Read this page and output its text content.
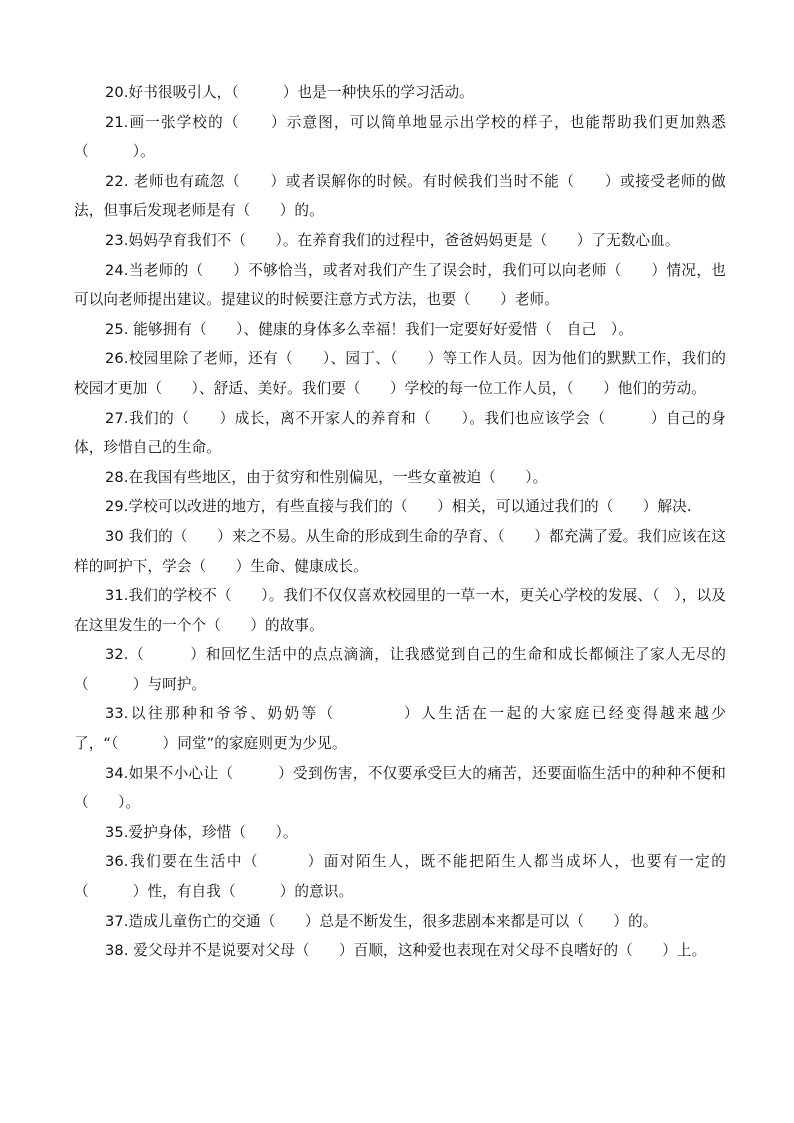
20.好书很吸引人，（　　　）也是一种快乐的学习活动。

21.画一张学校的（　　）示意图，可以简单地显示出学校的样子，也能帮助我们更加熟悉（　　　）。

22. 老师也有疏忽（　　）或者误解你的时候。有时候我们当时不能（　　）或接受老师的做法，但事后发现老师是有（　　）的。

23.妈妈孕育我们不（　　）。在养育我们的过程中，爸爸妈妈更是（　　）了无数心血。

24.当老师的（　　）不够恰当，或者对我们产生了误会时，我们可以向老师（　　）情况，也可以向老师提出建议。提建议的时候要注意方式方法，也要（　　）老师。

25. 能够拥有（　　）、健康的身体多么幸福！我们一定要好好爱惜（　自己　）。

26.校园里除了老师，还有（　　）、园丁、（　　）等工作人员。因为他们的默默工作，我们的校园才更加（　　）、舒适、美好。我们要（　　）学校的每一位工作人员，（　　）他们的劳动。

27.我们的（　　）成长，离不开家人的养育和（　　）。我们也应该学会（　　　）自己的身体，珍惜自己的生命。

28.在我国有些地区，由于贫穷和性别偏见，一些女童被迫（　　）。

29.学校可以改进的地方，有些直接与我们的（　　）相关，可以通过我们的（　　）解决.

30 我们的（　　）来之不易。从生命的形成到生命的孕育、（　　）都充满了爱。我们应该在这样的呵护下，学会（　　）生命、健康成长。

31.我们的学校不（　　）。我们不仅仅喜欢校园里的一草一木，更关心学校的发展、（　），以及在这里发生的一个个（　　）的故事。

32.（　　　）和回忆生活中的点点滴滴，让我感觉到自己的生命和成长都倾注了家人无尽的（　　　）与呵护。

33.以往那种和爷爷、奶奶等（　　　　）人生活在一起的大家庭已经变得越来越少了，“（　　　）同堂”的家庭则更为少见。

34.如果不小心让（　　　）受到伤害，不仅要承受巨大的痛苦，还要面临生活中的种种不便和（　　）。

35.爱护身体，珍惜（　　）。

36.我们要在生活中（　　　）面对陌生人，既不能把陌生人都当成坏人，也要有一定的（　　　）性，有自我（　　　）的意识。

37.造成儿童伤亡的交通（　　）总是不断发生，很多悲剧本来都是可以（　　）的。

38. 爱父母并不是说要对父母（　　）百顺，这种爱也表现在对父母不良嗜好的（　　）上。
